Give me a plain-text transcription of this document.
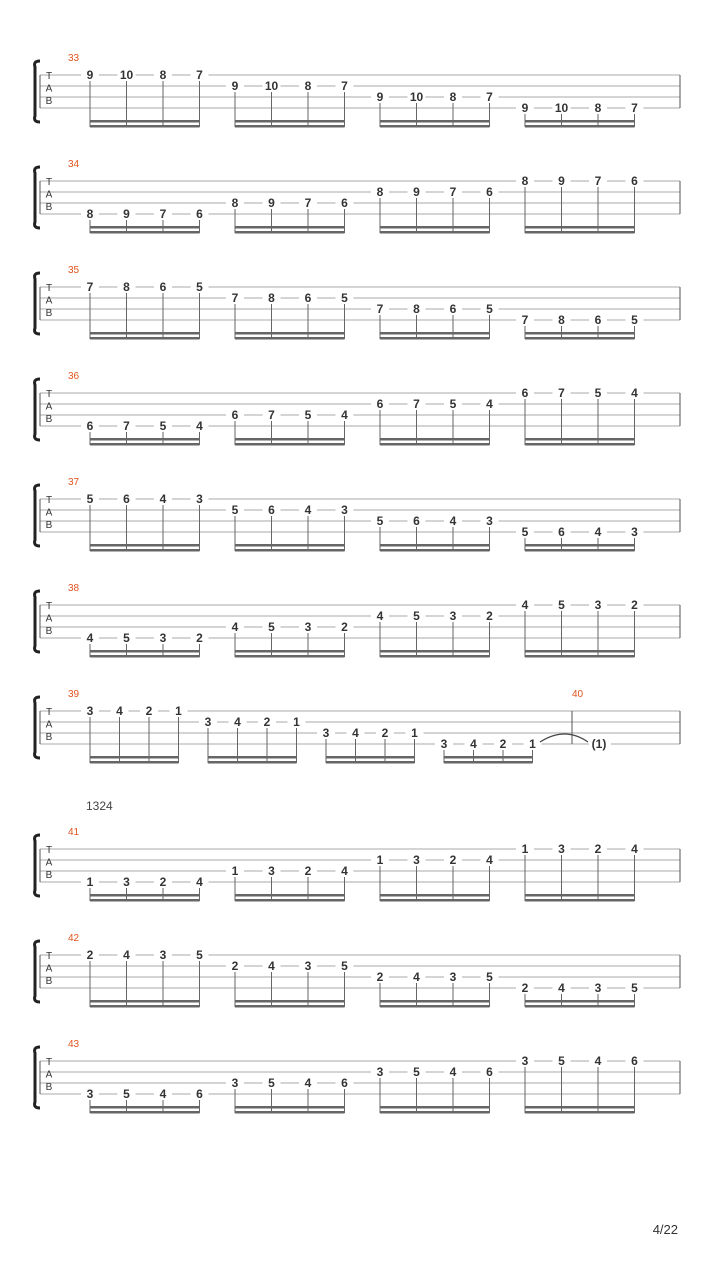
T
A
B
33
9 10 8 7
9 10 8 7
9 10 8 7
9 10 8 7
T
A
B
34
8 9 7 6
8 9 7 6
8 9 7 6
8 9 7 6
T
A
B
35
7 8 6 5
7 8 6 5
7 8 6 5
7 8 6 5
T
A
B
36
6 7 5 4
6 7 5 4
6 7 5 4
6 7 5 4
T
A
B
37
5 6 4 3
5 6 4 3
5 6 4 3
5 6 4 3
T
A
B
38
4 5 3 2
4 5 3 2
4 5 3 2
4 5 3 2
T
A
B
39
3 4 2 1
3 4 2 1
3 4 2 1
3 4 2 1
40
(1)
T
A
B
41
1 3 2 4
1 3 2 4
1 3 2 4
1 3 2 4
T
A
B
42
2 4 3 5
2 4 3 5
2 4 3 5
2 4 3 5
T
A
B
43
3 5 4 6
3 5 4 6
3 5 4 6
3 5 4 6
1324
4/22
